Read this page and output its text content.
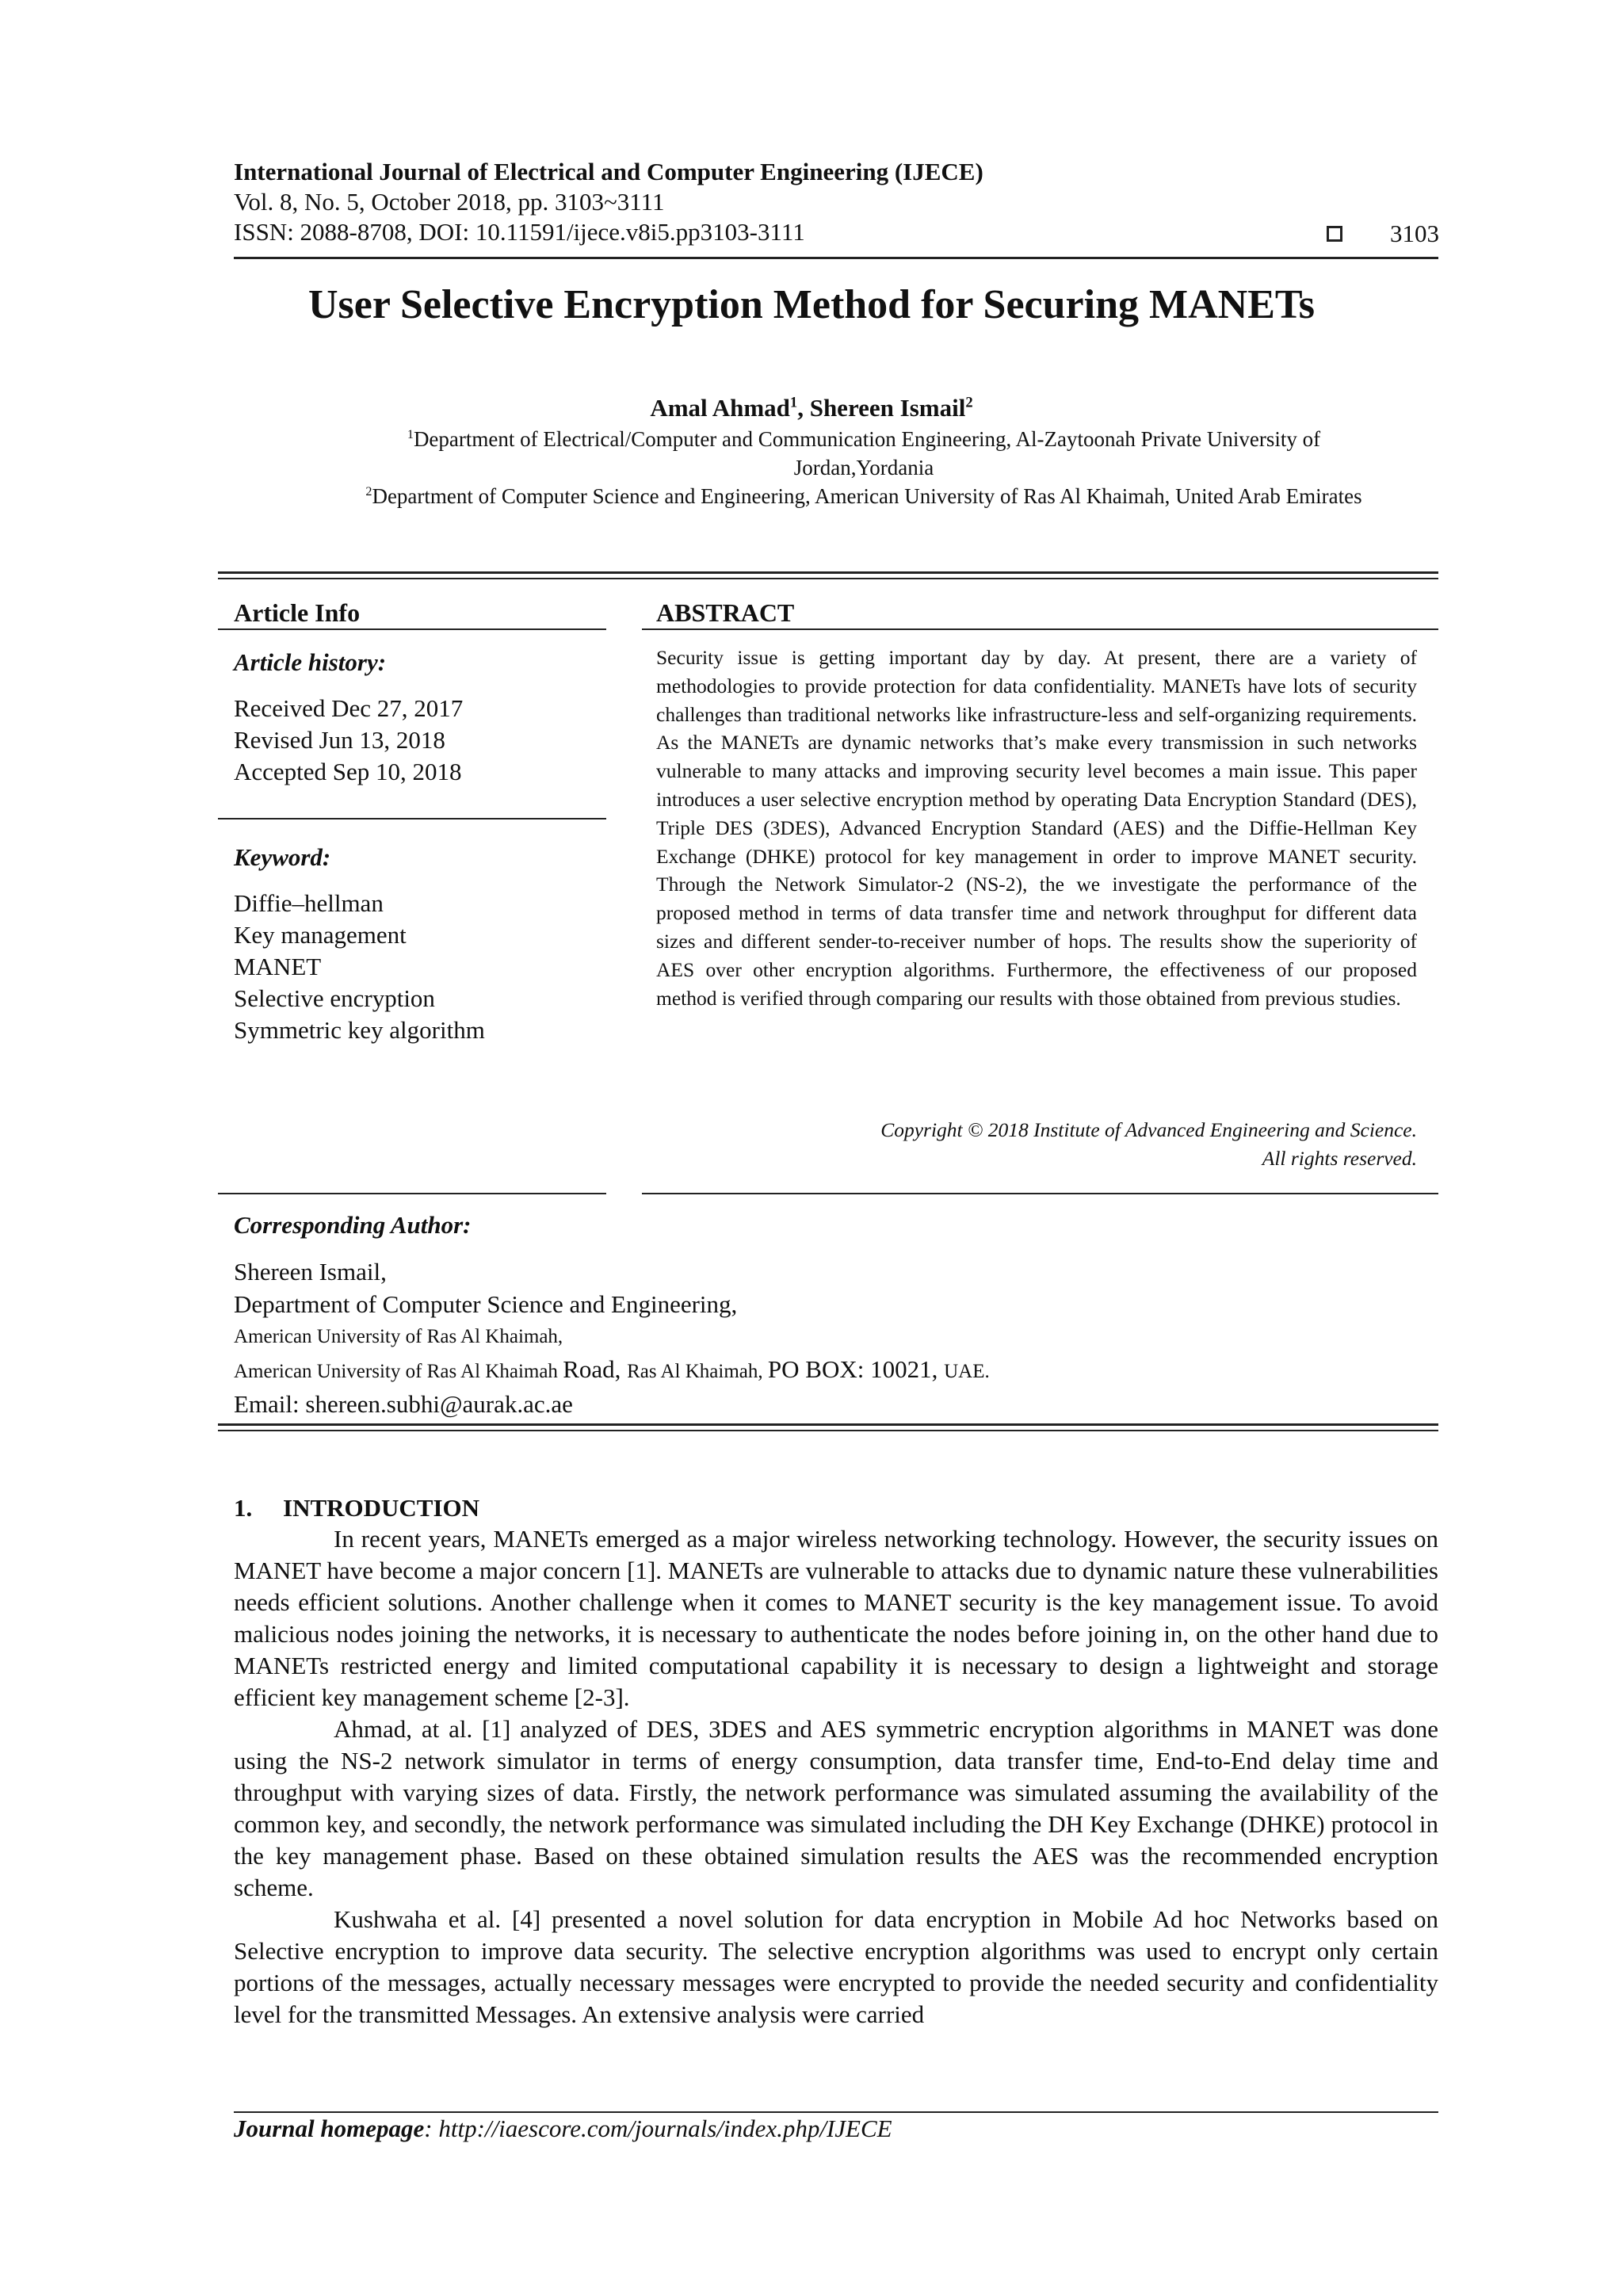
International Journal of Electrical and Computer Engineering (IJECE)
Vol. 8, No. 5, October 2018, pp. 3103~3111
ISSN: 2088-8708, DOI: 10.11591/ijece.v8i5.pp3103-3111	3103
User Selective Encryption Method for Securing MANETs
Amal Ahmad$^1$, Shereen Ismail$^2$
$^1$Department of Electrical/Computer and Communication Engineering, Al-Zaytoonah Private University of
Jordan,Yordania
$^2$Department of Computer Science and Engineering, American University of Ras Al Khaimah, United Arab Emirates
Article Info
Article history:
Received Dec 27, 2017
Revised Jun 13, 2018
Accepted Sep 10, 2018
Keyword:
Diffie–hellman
Key management
MANET
Selective encryption
Symmetric key algorithm
ABSTRACT
Security issue is getting important day by day. At present, there are a variety of methodologies to provide protection for data confidentiality. MANETs have lots of security challenges than traditional networks like infrastructure-less and self-organizing requirements. As the MANETs are dynamic networks that’s make every transmission in such networks vulnerable to many attacks and improving security level becomes a main issue. This paper introduces a user selective encryption method by operating Data Encryption Standard (DES), Triple DES (3DES), Advanced Encryption Standard (AES) and the Diffie-Hellman Key Exchange (DHKE) protocol for key management in order to improve MANET security. Through the Network Simulator-2 (NS-2), the we investigate the performance of the proposed method in terms of data transfer time and network throughput for different data sizes and different sender-to-receiver number of hops. The results show the superiority of AES over other encryption algorithms. Furthermore, the effectiveness of our proposed method is verified through comparing our results with those obtained from previous studies.
Copyright © 2018 Institute of Advanced Engineering and Science.
All rights reserved.
Corresponding Author:
Shereen Ismail,
Department of Computer Science and Engineering,
American University of Ras Al Khaimah,
American University of Ras Al Khaimah Road, Ras Al Khaimah, PO BOX: 10021, UAE.
Email: shereen.subhi@aurak.ac.ae
1.     INTRODUCTION

In recent years, MANETs emerged as a major wireless networking technology. However, the security issues on MANET have become a major concern [1]. MANETs are vulnerable to attacks due to dynamic nature these vulnerabilities needs efficient solutions. Another challenge when it comes to MANET security is the key management issue. To avoid malicious nodes joining the networks, it is necessary to authenticate the nodes before joining in, on the other hand due to MANETs restricted energy and limited computational capability it is necessary to design a lightweight and storage efficient key management scheme [2-3].

Ahmad, at al. [1] analyzed of DES, 3DES and AES symmetric encryption algorithms in MANET was done using the NS-2 network simulator in terms of energy consumption, data transfer time, End-to-End delay time and throughput with varying sizes of data. Firstly, the network performance was simulated assuming the availability of the common key, and secondly, the network performance was simulated including the DH Key Exchange (DHKE) protocol in the key management phase. Based on these obtained simulation results the AES was the recommended encryption scheme.

Kushwaha et al. [4] presented a novel solution for data encryption in Mobile Ad hoc Networks based on Selective encryption to improve data security. The selective encryption algorithms was used to encrypt only certain portions of the messages, actually necessary messages were encrypted to provide the needed security and confidentiality level for the transmitted Messages. An extensive analysis were carried

Journal homepage: http://iaescore.com/journals/index.php/IJECE
